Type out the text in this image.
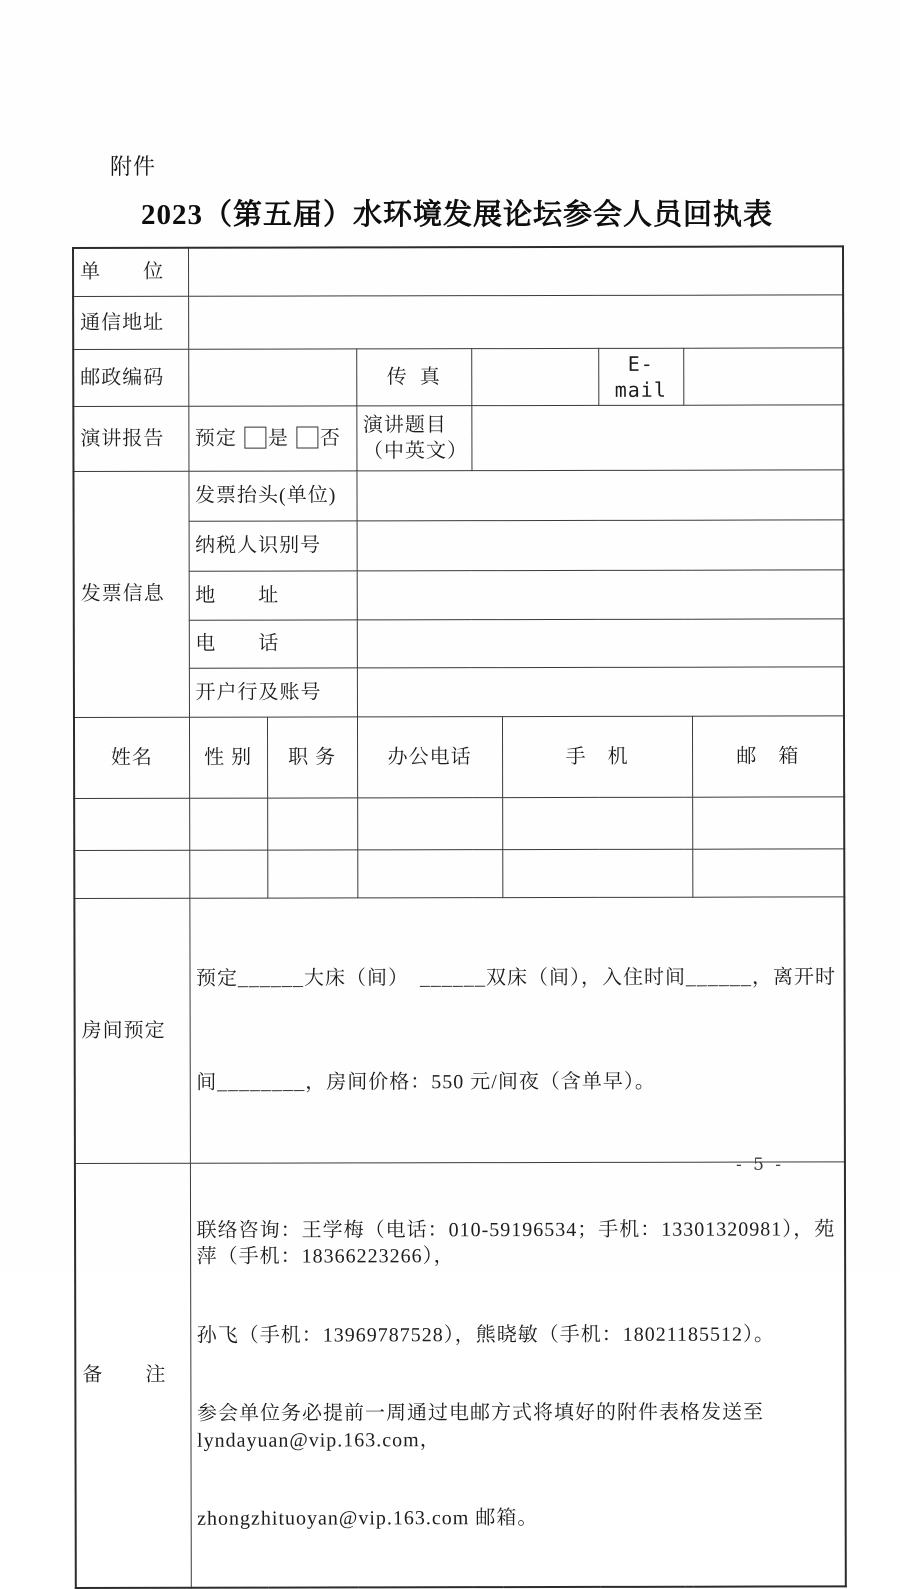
附件
2023（第五届）水环境发展论坛参会人员回执表
单　　位								
通信地址								
邮政编码			传  真			E-mail		
演讲报告	预定 是 否		演讲题目
（中英文）					

发票信息	发票抬头(单位)							
	纳税人识别号							
	地　　址							
	电　　话							
	开户行及账号							
姓名	性 别	职 务	办公电话		手　机			邮　箱

房间预定	预定______大床（间）　______双床（间），入住时间______，离开时

间________，房间价格：550 元/间夜（含单早）。							

备　　注	联络咨询：王学梅（电话：010-59196534；手机：13301320981），苑萍（手机：18366223266），

孙飞（手机：13969787528），熊晓敏（手机：18021185512）。

参会单位务必提前一周通过电邮方式将填好的附件表格发送至 lyndayuan@vip.163.com，

zhongzhituoyan@vip.163.com 邮箱。							

- 5 -
